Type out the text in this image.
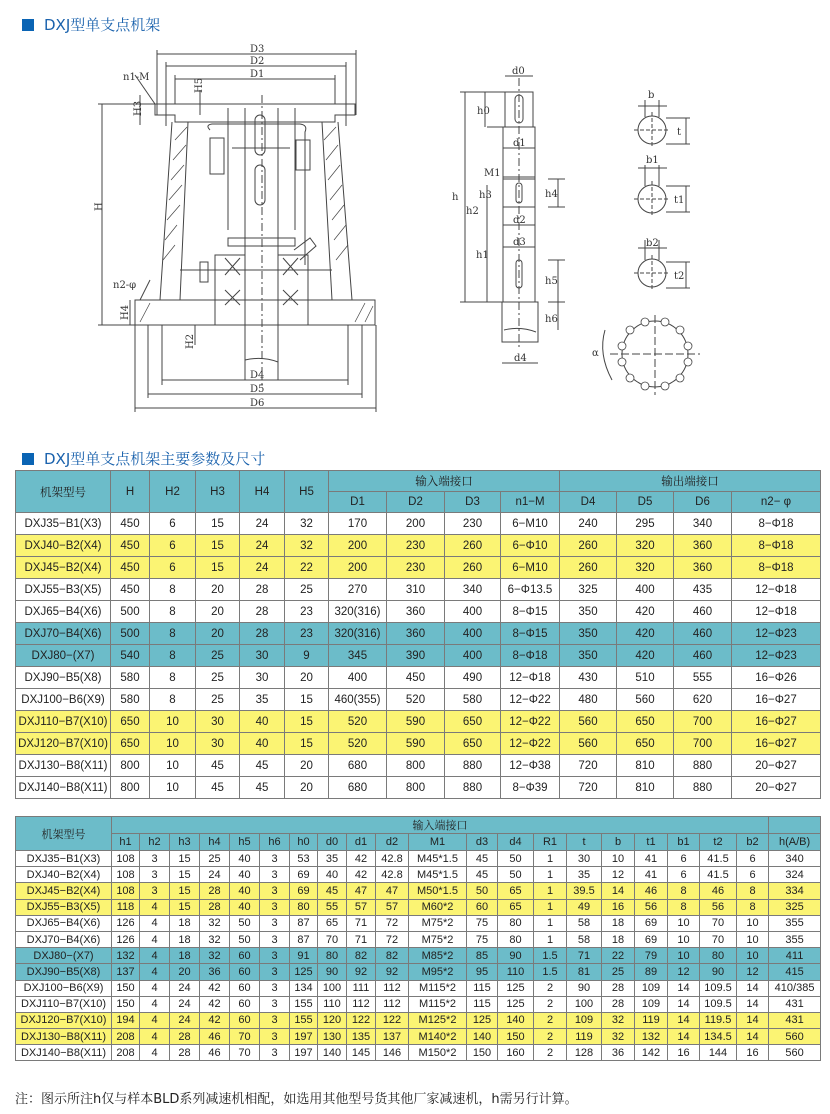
DXJ型单支点机架
D3
D2
D1
n1-M
H5
H3
H
n2-φ
H4
H2
D4
D5
D6
d0
h0
d1
M1
h3	h4
h2
d2
h
d3
h1
h5
h6
d4
b
t
b1
t1
b2
t2
α
DXJ型单支点机架主要参数及尺寸
机架型号	H	H2	H3	H4	H5	输入端接口				输出端接口			
						D1	D2	D3	n1−M	D4	D5	D6	n2− φ
DXJ35−B1(X3)	450	6	15	24	32	170	200	230	6−M10	240	295	340	8−Φ18
DXJ40−B2(X4)	450	6	15	24	32	200	230	260	6−Φ10	260	320	360	8−Φ18
DXJ45−B2(X4)	450	6	15	24	22	200	230	260	6−M10	260	320	360	8−Φ18
DXJ55−B3(X5)	450	8	20	28	25	270	310	340	6−Φ13.5	325	400	435	12−Φ18
DXJ65−B4(X6)	500	8	20	28	23	320(316)	360	400	8−Φ15	350	420	460	12−Φ18
DXJ70−B4(X6)	500	8	20	28	23	320(316)	360	400	8−Φ15	350	420	460	12−Φ23
DXJ80−(X7)	540	8	25	30	9	345	390	400	8−Φ18	350	420	460	12−Φ23
DXJ90−B5(X8)	580	8	25	30	20	400	450	490	12−Φ18	430	510	555	16−Φ26
DXJ100−B6(X9)	580	8	25	35	15	460(355)	520	580	12−Φ22	480	560	620	16−Φ27
DXJ110−B7(X10)	650	10	30	40	15	520	590	650	12−Φ22	560	650	700	16−Φ27
DXJ120−B7(X10)	650	10	30	40	15	520	590	650	12−Φ22	560	650	700	16−Φ27
DXJ130−B8(X11)	800	10	45	45	20	680	800	880	12−Φ38	720	810	880	20−Φ27
DXJ140−B8(X11)	800	10	45	45	20	680	800	880	8−Φ39	720	810	880	20−Φ27
机架型号	输入端接口																				
	h1	h2	h3	h4	h5	h6	h0	d0	d1	d2	M1	d3	d4	R1	t	b	t1	b1	t2	b2	h(A/B)
DXJ35−B1(X3)	108	3	15	25	40	3	53	35	42	42.8	M45*1.5	45	50	1	30	10	41	6	41.5	6	340
DXJ40−B2(X4)	108	3	15	24	40	3	69	40	42	42.8	M45*1.5	45	50	1	35	12	41	6	41.5	6	324
DXJ45−B2(X4)	108	3	15	28	40	3	69	45	47	47	M50*1.5	50	65	1	39.5	14	46	8	46	8	334
DXJ55−B3(X5)	118	4	15	28	40	3	80	55	57	57	M60*2	60	65	1	49	16	56	8	56	8	325
DXJ65−B4(X6)	126	4	18	32	50	3	87	65	71	72	M75*2	75	80	1	58	18	69	10	70	10	355
DXJ70−B4(X6)	126	4	18	32	50	3	87	70	71	72	M75*2	75	80	1	58	18	69	10	70	10	355
DXJ80−(X7)	132	4	18	32	60	3	91	80	82	82	M85*2	85	90	1.5	71	22	79	10	80	10	411
DXJ90−B5(X8)	137	4	20	36	60	3	125	90	92	92	M95*2	95	110	1.5	81	25	89	12	90	12	415
DXJ100−B6(X9)	150	4	24	42	60	3	134	100	111	112	M115*2	115	125	2	90	28	109	14	109.5	14	410/385
DXJ110−B7(X10)	150	4	24	42	60	3	155	110	112	112	M115*2	115	125	2	100	28	109	14	109.5	14	431
DXJ120−B7(X10)	194	4	24	42	60	3	155	120	122	122	M125*2	125	140	2	109	32	119	14	119.5	14	431
DXJ130−B8(X11)	208	4	28	46	70	3	197	130	135	137	M140*2	140	150	2	119	32	132	14	134.5	14	560
DXJ140−B8(X11)	208	4	28	46	70	3	197	140	145	146	M150*2	150	160	2	128	36	142	16	144	16	560
注：图示所注h仅与样本BLD系列减速机相配，如选用其他型号货其他厂家减速机，h需另行计算。
